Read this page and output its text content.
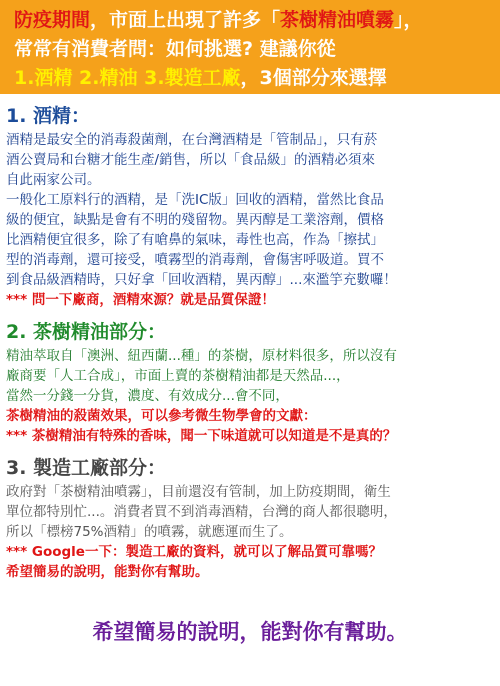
防疫期間，市面上出現了許多「茶樹精油噴霧」，
常常有消費者問：如何挑選? 建議你從
1.酒精 2.精油 3.製造工廠，3個部分來選擇
1. 酒精：

酒精是最安全的消毒殺菌劑，在台灣酒精是「管制品」，只有菸

酒公賣局和台糖才能生產/銷售，所以「食品級」的酒精必須來

自此兩家公司。

一般化工原料行的酒精，是「洗IC版」回收的酒精，當然比食品

級的便宜，缺點是會有不明的殘留物。異丙醇是工業溶劑，價格

比酒精便宜很多，除了有嗆鼻的氣味，毒性也高，作為「擦拭」

型的消毒劑，還可接受，噴霧型的消毒劑，會傷害呼吸道。買不

到食品級酒精時，只好拿「回收酒精，異丙醇」...來濫竽充數囉！

*** 問一下廠商，酒精來源？就是品質保證！
2. 茶樹精油部分：

精油萃取自「澳洲、紐西蘭...種」的茶樹，原材料很多，所以沒有

廠商要「人工合成」，市面上賣的茶樹精油都是天然品...，

當然一分錢一分貨，濃度、有效成分...會不同，

茶樹精油的殺菌效果，可以參考微生物學會的文獻：
*** 茶樹精油有特殊的香味，聞一下味道就可以知道是不是真的？
3. 製造工廠部分：

政府對「茶樹精油噴霧」，目前還沒有管制，加上防疫期間，衛生

單位都特別忙...。消費者買不到消毒酒精，台灣的商人都很聰明，

所以「標榜75%酒精」的噴霧，就應運而生了。

*** Google一下：製造工廠的資料，就可以了解品質可靠嗎？
希望簡易的說明，能對你有幫助。
希望簡易的說明，能對你有幫助。
